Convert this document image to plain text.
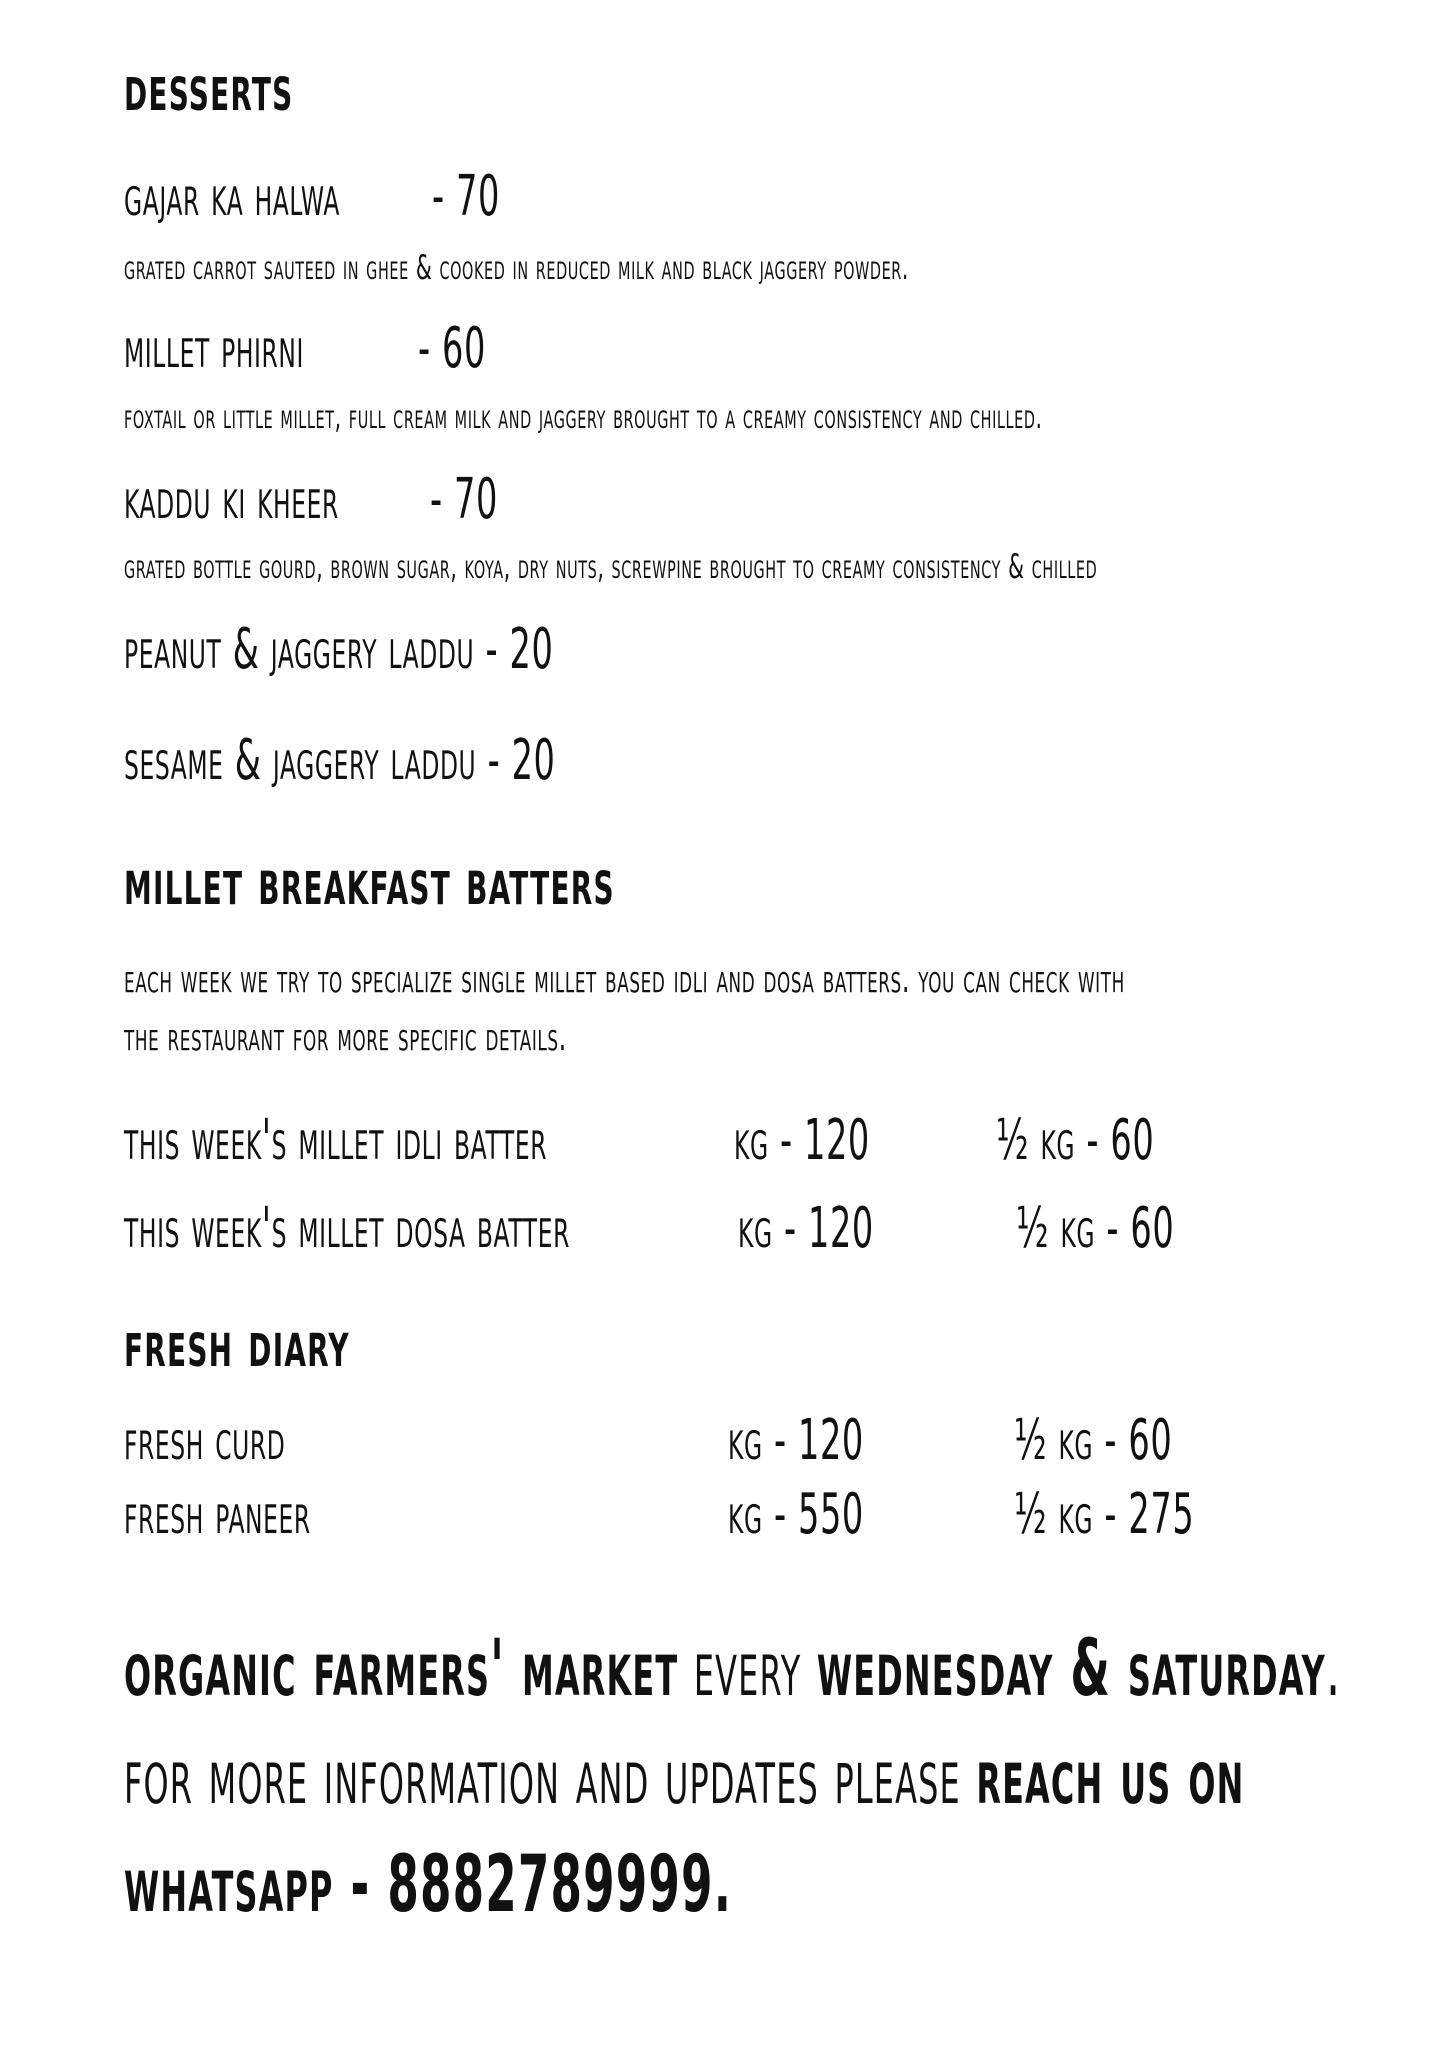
desserts
gajar ka halwa - 70
grated carrot sauteed in ghee & cooked in reduced milk and black jaggery powder.
millet phirni - 60
foxtail or little millet, full cream milk and jaggery brought to a creamy consistency and chilled.
kaddu ki kheer - 70
grated bottle gourd, brown sugar, koya, dry nuts, screwpine brought to creamy consistency & chilled
peanut & jaggery laddu - 20
sesame & jaggery laddu - 20
millet breakfast batters
each week we try to specialize single millet based idli and dosa batters. you can check with
the restaurant for more specific details.
this week's millet idli batter	kg - 120 ½ kg - 60
this week's millet dosa batter	kg - 120	½ kg - 60
fresh diary
fresh curd	kg - 120	½ kg - 60
fresh paneer	kg - 550	½ kg - 275
organic farmers' market every wednesday & saturday.
for more information and updates please reach us on
whatsapp - 8882789999.
